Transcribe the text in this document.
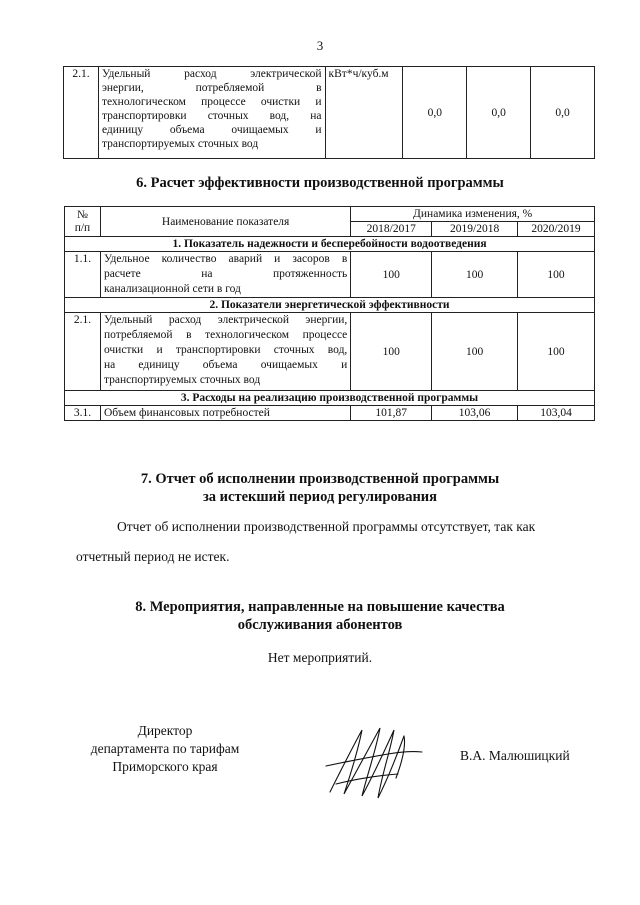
3
2.1.	Удельный расход электрической
энергии, потребляемой в
технологическом процессе очистки и
транспортировки сточных вод, на
единицу объема очищаемых и
транспортируемых сточных вод
	кВт*ч/куб.м	0,0	0,0	0,0
6. Расчет эффективности производственной программы
№
п/п	Наименование показателя	Динамика изменения, %		
		2018/2017	2019/2018	2020/2019
1. Показатель надежности и бесперебойности водоотведения				
1.1.	Удельное количество аварий и засоров в
расчете на протяженность
канализационной сети в год	100	100	100
2. Показатели энергетической эффективности				
2.1.	Удельный расход электрической энергии,
потребляемой в технологическом процессе
очистки и транспортировки сточных вод,
на единицу объема очищаемых и
транспортируемых сточных вод	100	100	100
3. Расходы на реализацию производственной программы				
3.1.	Объем финансовых потребностей	101,87	103,06	103,04
7. Отчет об исполнении производственной программы
за истекший период регулирования

Отчет об исполнении производственной программы отсутствует, так как

отчетный период не истек.

8. Мероприятия, направленные на повышение качества
обслуживания абонентов

Нет мероприятий.

Директор
департамента по тарифам
Приморского края
В.А. Малюшицкий
